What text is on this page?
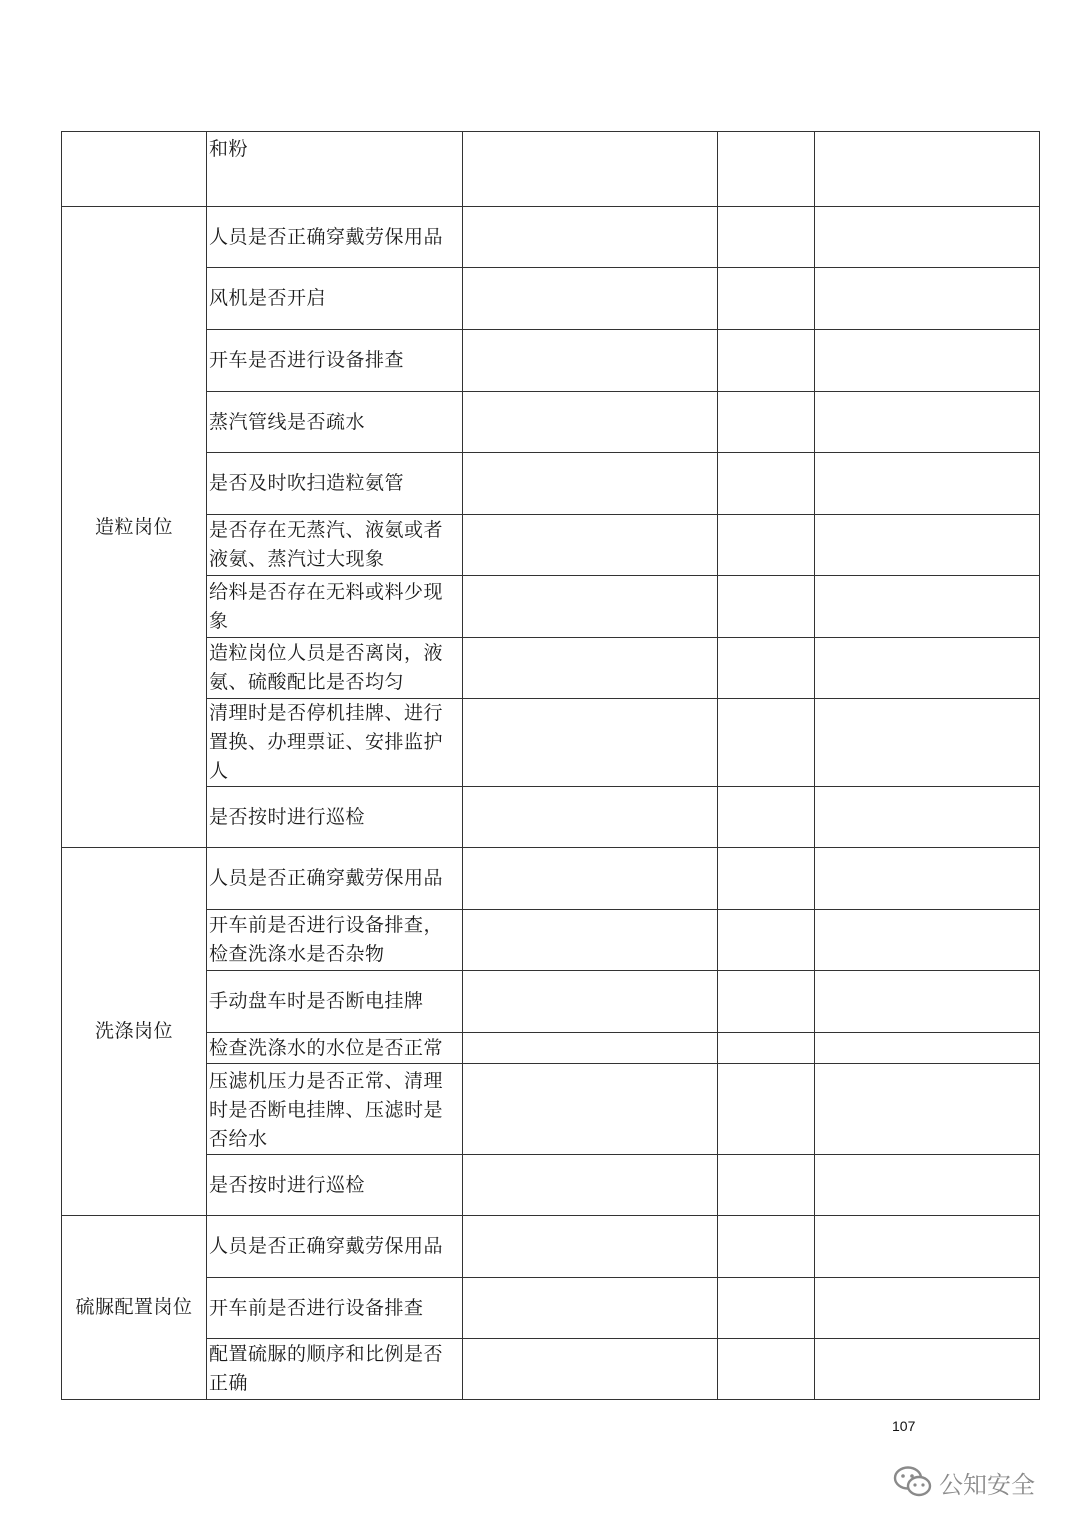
	和粉			
造粒岗位	人员是否正确穿戴劳保用品			
	风机是否开启			
	开车是否进行设备排查			
	蒸汽管线是否疏水			
	是否及时吹扫造粒氨管			
	是否存在无蒸汽、液氨或者液氨、蒸汽过大现象			
	给料是否存在无料或料少现象			
	造粒岗位人员是否离岗，液氨、硫酸配比是否均匀			
	清理时是否停机挂牌、进行置换、办理票证、安排监护人			
	是否按时进行巡检			
洗涤岗位	人员是否正确穿戴劳保用品			
	开车前是否进行设备排查，检查洗涤水是否杂物			
	手动盘车时是否断电挂牌			
	检查洗涤水的水位是否正常			
	压滤机压力是否正常、清理时是否断电挂牌、压滤时是否给水			
	是否按时进行巡检			
硫脲配置岗位	人员是否正确穿戴劳保用品			
	开车前是否进行设备排查			
	配置硫脲的顺序和比例是否正确			
107
公知安全
